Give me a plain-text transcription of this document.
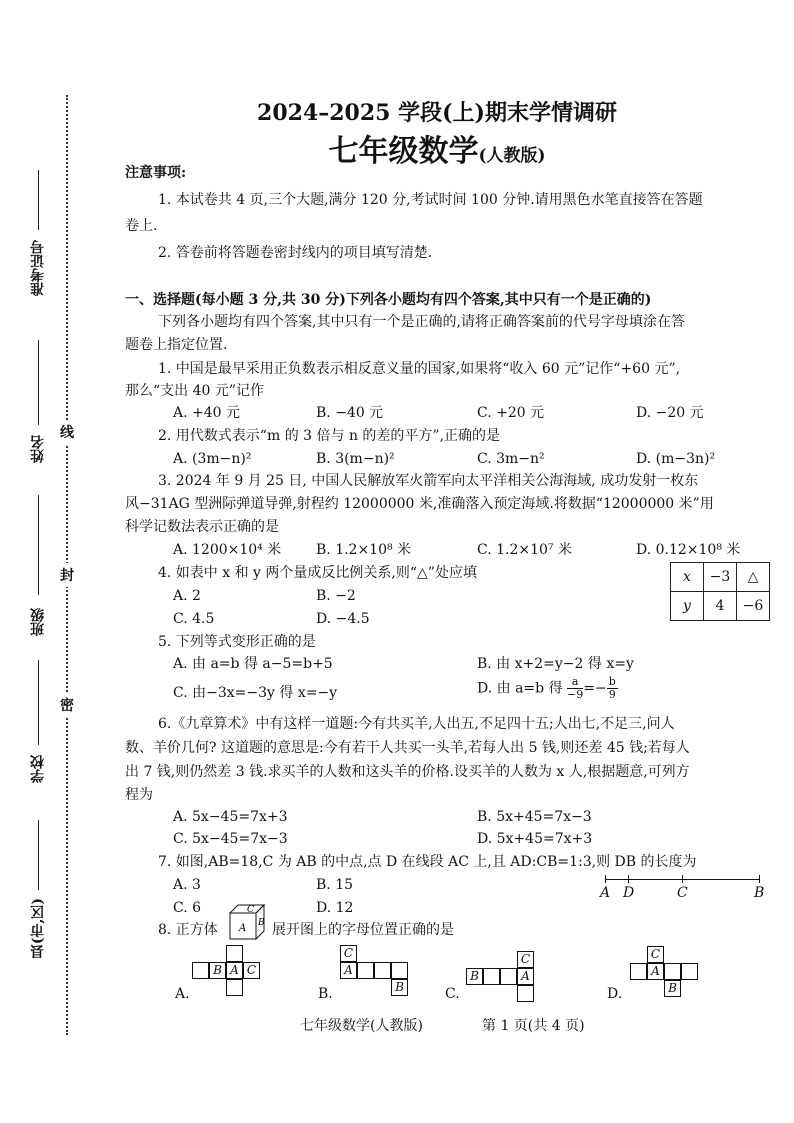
准考证号
姓名
班级
学校
县(市,区)
线
封
密
2024–2025 学段(上)期末学情调研
七年级数学(人教版)
注意事项:
1. 本试卷共 4 页,三个大题,满分 120 分,考试时间 100 分钟.请用黑色水笔直接答在答题
卷上.
2. 答卷前将答题卷密封线内的项目填写清楚.
一、选择题(每小题 3 分,共 30 分)下列各小题均有四个答案,其中只有一个是正确的)
下列各小题均有四个答案,其中只有一个是正确的,请将正确答案前的代号字母填涂在答
题卷上指定位置.
1. 中国是最早采用正负数表示相反意义量的国家,如果将“收入 60 元”记作“+60 元”,
那么“支出 40 元”记作
A. +40 元	B. −40 元	C. +20 元	D. −20 元
2. 用代数式表示“m 的 3 倍与 n 的差的平方”,正确的是
A. (3m−n)²	B. 3(m−n)²	C. 3m−n²	D. (m−3n)²
3. 2024 年 9 月 25 日, 中国人民解放军火箭军向太平洋相关公海海域, 成功发射一枚东
风−31AG 型洲际弹道导弹,射程约 12000000 米,准确落入预定海域.将数据“12000000 米”用
科学记数法表示正确的是
A. 1200×10⁴ 米 B. 1.2×10⁸ 米	C. 1.2×10⁷ 米	D. 0.12×10⁸ 米
4. 如表中 x 和 y 两个量成反比例关系,则“△”处应填
A. 2	B. −2
C. 4.5	D. −4.5
x	−3	△
y	4	−6
5. 下列等式变形正确的是
A. 由 a=b 得 a−5=b+5	B. 由 x+2=y−2 得 x=y
C. 由−3x=−3y 得 x=−y	D. 由 a=b 得 $\frac{a}{-9} =- \frac{b}{9}$
6.《九章算术》中有这样一道题:今有共买羊,人出五,不足四十五;人出七,不足三,问人
数、羊价几何? 这道题的意思是:今有若干人共买一头羊,若每人出 5 钱,则还差 45 钱;若每人
出 7 钱,则仍然差 3 钱.求买羊的人数和这头羊的价格.设买羊的人数为 x 人,根据题意,可列方
程为
A. 5x−45=7x+3	B. 5x+45=7x−3
C. 5x−45=7x−3	D. 5x+45=7x+3
7. 如图,AB=18,C 为 AB 的中点,点 D 在线段 AC 上,且 AD:CB=1:3,则 DB 的长度为
A. 3	B. 15
C. 6	D. 12
A D	C	B
8. 正方体
C
A B 展开图上的字母位置正确的是
B A C
A.
C
A
B
B.
C
B	A
C.
C
A
B
D.
七年级数学(人教版)	第 1 页(共 4 页)
